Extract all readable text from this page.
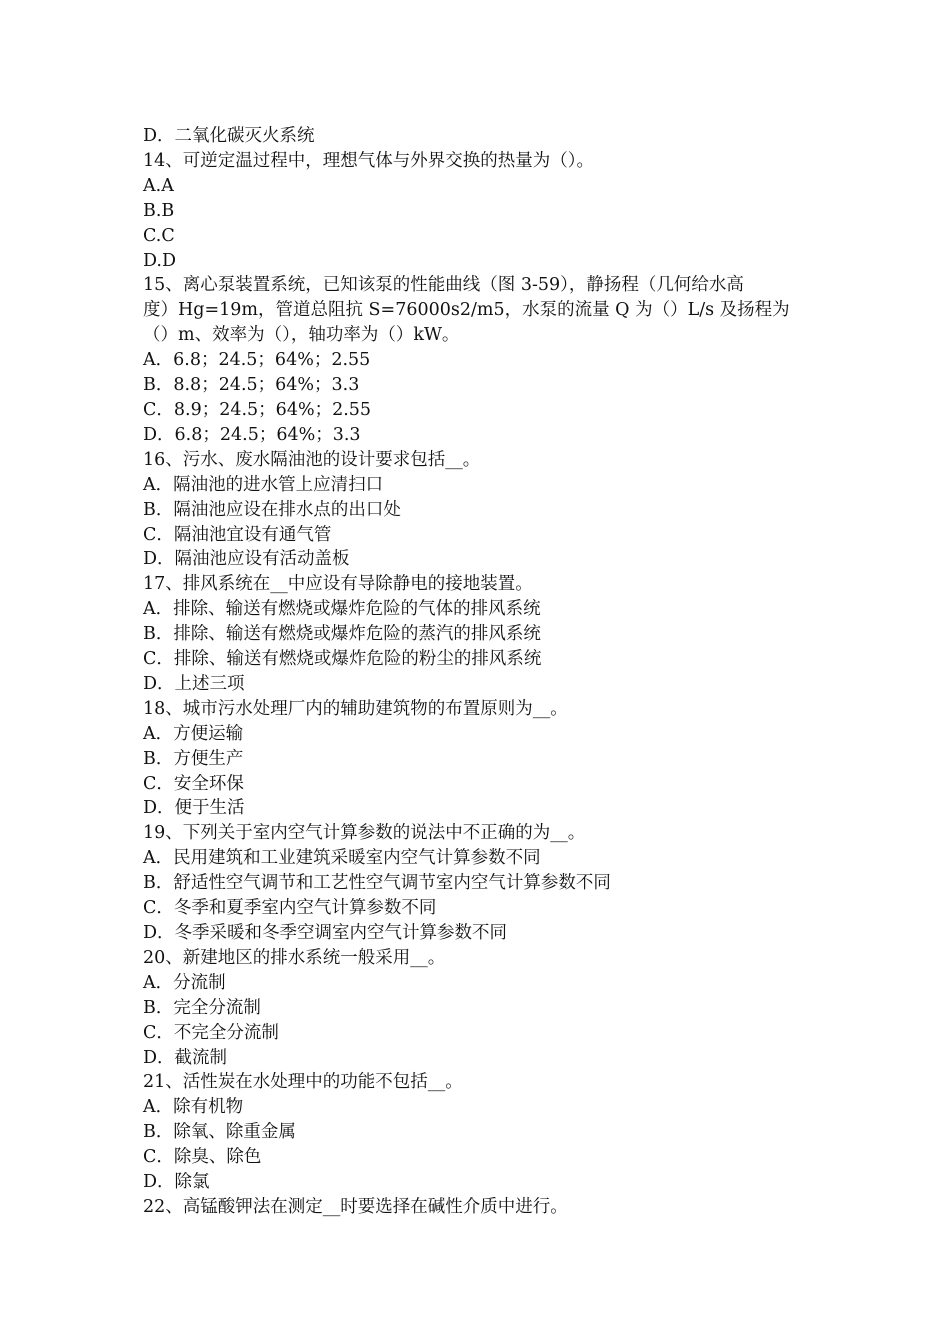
D．二氧化碳灭火系统
14、可逆定温过程中，理想气体与外界交换的热量为（）。
A.A
B.B
C.C
D.D
15、离心泵装置系统，已知该泵的性能曲线（图 3-59），静扬程（几何给水高
度）Hg=19m，管道总阻抗 S=76000s2/m5，水泵的流量 Q 为（）L/s 及扬程为
（）m、效率为（），轴功率为（）kW。
A．6.8；24.5；64%；2.55
B．8.8；24.5；64%；3.3
C．8.9；24.5；64%；2.55
D．6.8；24.5；64%；3.3
16、污水、废水隔油池的设计要求包括__。
A．隔油池的进水管上应清扫口
B．隔油池应设在排水点的出口处
C．隔油池宜设有通气管
D．隔油池应设有活动盖板
17、排风系统在__中应设有导除静电的接地装置。
A．排除、输送有燃烧或爆炸危险的气体的排风系统
B．排除、输送有燃烧或爆炸危险的蒸汽的排风系统
C．排除、输送有燃烧或爆炸危险的粉尘的排风系统
D．上述三项
18、城市污水处理厂内的辅助建筑物的布置原则为__。
A．方便运输
B．方便生产
C．安全环保
D．便于生活
19、下列关于室内空气计算参数的说法中不正确的为__。
A．民用建筑和工业建筑采暖室内空气计算参数不同
B．舒适性空气调节和工艺性空气调节室内空气计算参数不同
C．冬季和夏季室内空气计算参数不同
D．冬季采暖和冬季空调室内空气计算参数不同
20、新建地区的排水系统一般采用__。
A．分流制
B．完全分流制
C．不完全分流制
D．截流制
21、活性炭在水处理中的功能不包括__。
A．除有机物
B．除氧、除重金属
C．除臭、除色
D．除氯
22、高锰酸钾法在测定__时要选择在碱性介质中进行。
